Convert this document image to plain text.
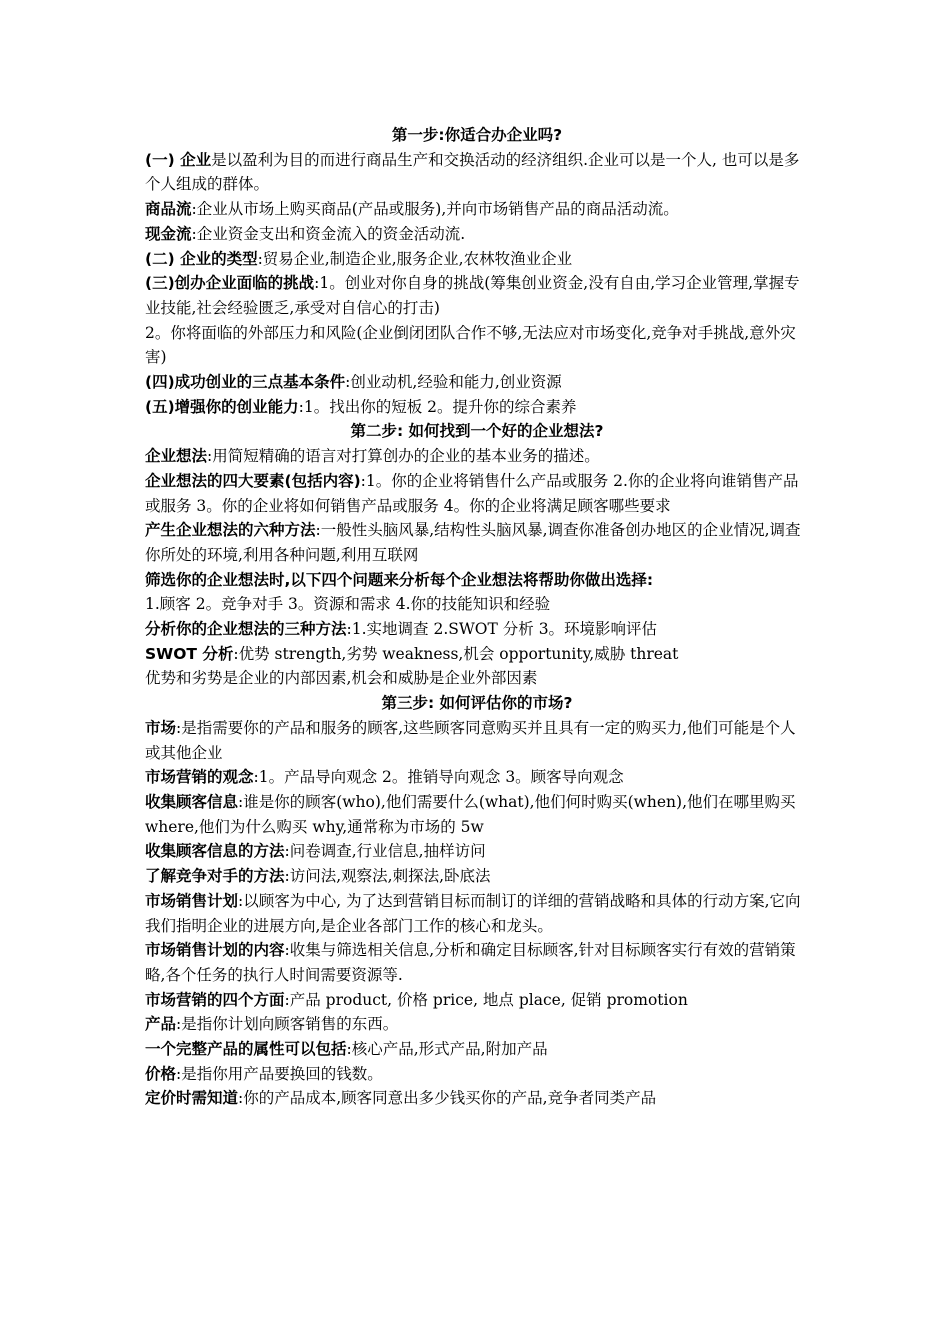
第一步:你适合办企业吗?

(一) 企业是以盈利为目的而进行商品生产和交换活动的经济组织.企业可以是一个人, 也可以是多个人组成的群体。

商品流:企业从市场上购买商品(产品或服务),并向市场销售产品的商品活动流。

现金流:企业资金支出和资金流入的资金活动流.

(二) 企业的类型:贸易企业,制造企业,服务企业,农林牧渔业企业

(三)创办企业面临的挑战:1。创业对你自身的挑战(筹集创业资金,没有自由,学习企业管理,掌握专业技能,社会经验匮乏,承受对自信心的打击)

2。你将面临的外部压力和风险(企业倒闭团队合作不够,无法应对市场变化,竞争对手挑战,意外灾害)

(四)成功创业的三点基本条件:创业动机,经验和能力,创业资源

(五)增强你的创业能力:1。找出你的短板 2。提升你的综合素养

第二步: 如何找到一个好的企业想法?

企业想法:用简短精确的语言对打算创办的企业的基本业务的描述。

企业想法的四大要素(包括内容):1。你的企业将销售什么产品或服务 2.你的企业将向谁销售产品或服务 3。你的企业将如何销售产品或服务 4。你的企业将满足顾客哪些要求

产生企业想法的六种方法:一般性头脑风暴,结构性头脑风暴,调查你准备创办地区的企业情况,调查你所处的环境,利用各种问题,利用互联网

筛选你的企业想法时,以下四个问题来分析每个企业想法将帮助你做出选择:

1.顾客 2。竞争对手 3。资源和需求 4.你的技能知识和经验

分析你的企业想法的三种方法:1.实地调查 2.SWOT 分析 3。环境影响评估

SWOT 分析:优势 strength,劣势 weakness,机会 opportunity,威胁 threat

优势和劣势是企业的内部因素,机会和威胁是企业外部因素

第三步: 如何评估你的市场?

市场:是指需要你的产品和服务的顾客,这些顾客同意购买并且具有一定的购买力,他们可能是个人或其他企业

市场营销的观念:1。产品导向观念 2。推销导向观念 3。顾客导向观念

收集顾客信息:谁是你的顾客(who),他们需要什么(what),他们何时购买(when),他们在哪里购买 where,他们为什么购买 why,通常称为市场的 5w

收集顾客信息的方法:问卷调查,行业信息,抽样访问

了解竞争对手的方法:访问法,观察法,刺探法,卧底法

市场销售计划:以顾客为中心, 为了达到营销目标而制订的详细的营销战略和具体的行动方案,它向我们指明企业的进展方向,是企业各部门工作的核心和龙头。

市场销售计划的内容:收集与筛选相关信息,分析和确定目标顾客,针对目标顾客实行有效的营销策略,各个任务的执行人时间需要资源等.

市场营销的四个方面:产品 product, 价格 price, 地点 place, 促销 promotion

产品:是指你计划向顾客销售的东西。

一个完整产品的属性可以包括:核心产品,形式产品,附加产品

价格:是指你用产品要换回的钱数。

定价时需知道:你的产品成本,顾客同意出多少钱买你的产品,竞争者同类产品
